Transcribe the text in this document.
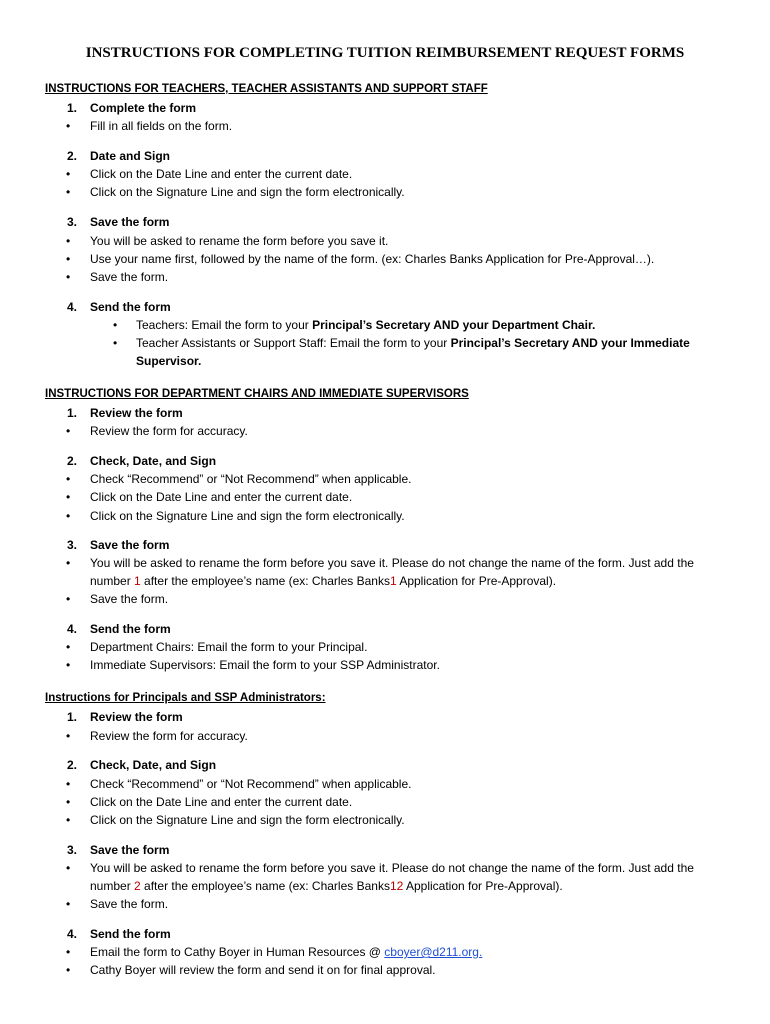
INSTRUCTIONS FOR COMPLETING TUITION REIMBURSEMENT REQUEST FORMS
INSTRUCTIONS FOR TEACHERS, TEACHER ASSISTANTS AND SUPPORT STAFF
1. Complete the form
• Fill in all fields on the form.
2. Date and Sign
• Click on the Date Line and enter the current date.
• Click on the Signature Line and sign the form electronically.
3. Save the form
• You will be asked to rename the form before you save it.
• Use your name first, followed by the name of the form. (ex: Charles Banks Application for Pre-Approval…).
• Save the form.
4. Send the form
• Teachers: Email the form to your Principal’s Secretary AND your Department Chair.
• Teacher Assistants or Support Staff: Email the form to your Principal’s Secretary AND your Immediate Supervisor.
INSTRUCTIONS FOR DEPARTMENT CHAIRS AND IMMEDIATE SUPERVISORS
1. Review the form
• Review the form for accuracy.
2. Check, Date, and Sign
• Check “Recommend” or “Not Recommend” when applicable.
• Click on the Date Line and enter the current date.
• Click on the Signature Line and sign the form electronically.
3. Save the form
• You will be asked to rename the form before you save it. Please do not change the name of the form. Just add the number 1 after the employee’s name (ex: Charles Banks1 Application for Pre-Approval).
• Save the form.
4. Send the form
• Department Chairs: Email the form to your Principal.
• Immediate Supervisors: Email the form to your SSP Administrator.
Instructions for Principals and SSP Administrators:
1. Review the form
• Review the form for accuracy.
2. Check, Date, and Sign
• Check “Recommend” or “Not Recommend” when applicable.
• Click on the Date Line and enter the current date.
• Click on the Signature Line and sign the form electronically.
3. Save the form
• You will be asked to rename the form before you save it. Please do not change the name of the form. Just add the number 2 after the employee’s name (ex: Charles Banks12 Application for Pre-Approval).
• Save the form.
4. Send the form
• Email the form to Cathy Boyer in Human Resources @ cboyer@d211.org.
• Cathy Boyer will review the form and send it on for final approval.
